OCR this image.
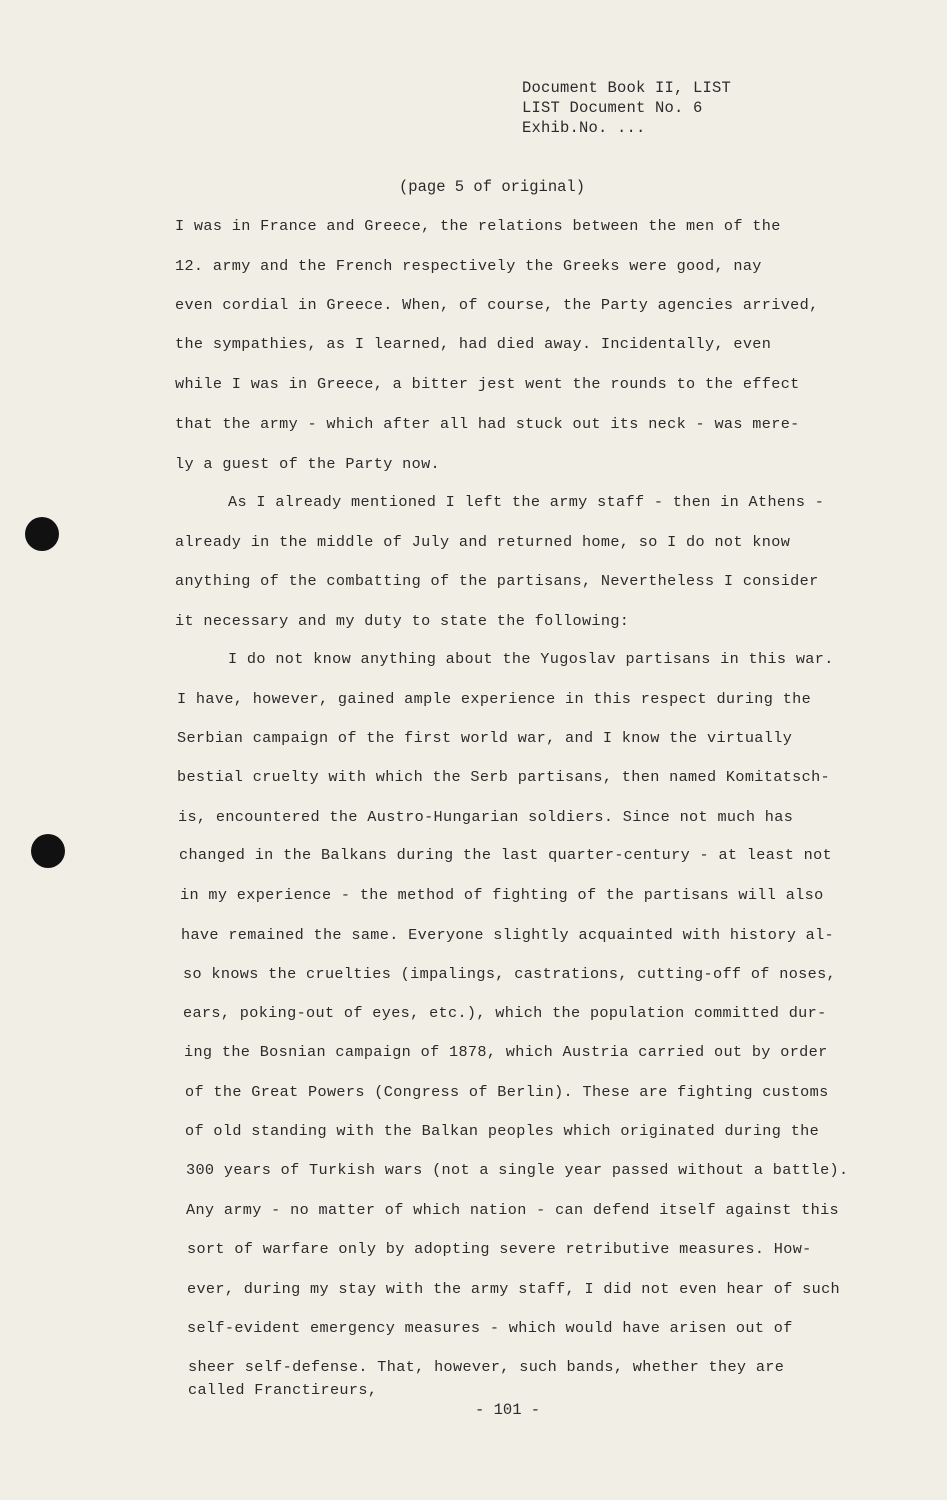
Document Book II, LIST
LIST Document No. 6
Exhib.No. ...
(page 5 of original)
I was in France and Greece, the relations between the men of the
12. army and the French respectively the Greeks were good, nay
even cordial in Greece. When, of course, the Party agencies arrived,
the sympathies, as I learned, had died away. Incidentally, even
while I was in Greece, a bitter jest went the rounds to the effect
that the army - which after all had stuck out its neck - was mere-
ly a guest of the Party now.
As I already mentioned I left the army staff - then in Athens -
already in the middle of July and returned home, so I do not know
anything of the combatting of the partisans, Nevertheless I consider
it necessary and my duty to state the following:
I do not know anything about the Yugoslav partisans in this war.
I have, however, gained ample experience in this respect during the
Serbian campaign of the first world war, and I know the virtually
bestial cruelty with which the Serb partisans, then named Komitatsch-
is, encountered the Austro-Hungarian soldiers. Since not much has
changed in the Balkans during the last quarter-century - at least not
in my experience - the method of fighting of the partisans will also
have remained the same. Everyone slightly acquainted with history al-
so knows the cruelties (impalings, castrations, cutting-off of noses,
ears, poking-out of eyes, etc.), which the population committed dur-
ing the Bosnian campaign of 1878, which Austria carried out by order
of the Great Powers (Congress of Berlin). These are fighting customs
of old standing with the Balkan peoples which originated during the
300 years of Turkish wars (not a single year passed without a battle).
Any army - no matter of which nation - can defend itself against this
sort of warfare only by adopting severe retributive measures. How-
ever, during my stay with the army staff, I did not even hear of such
self-evident emergency measures - which would have arisen out of
sheer self-defense. That, however, such bands, whether they are
called Franctireurs,
- 101 -
